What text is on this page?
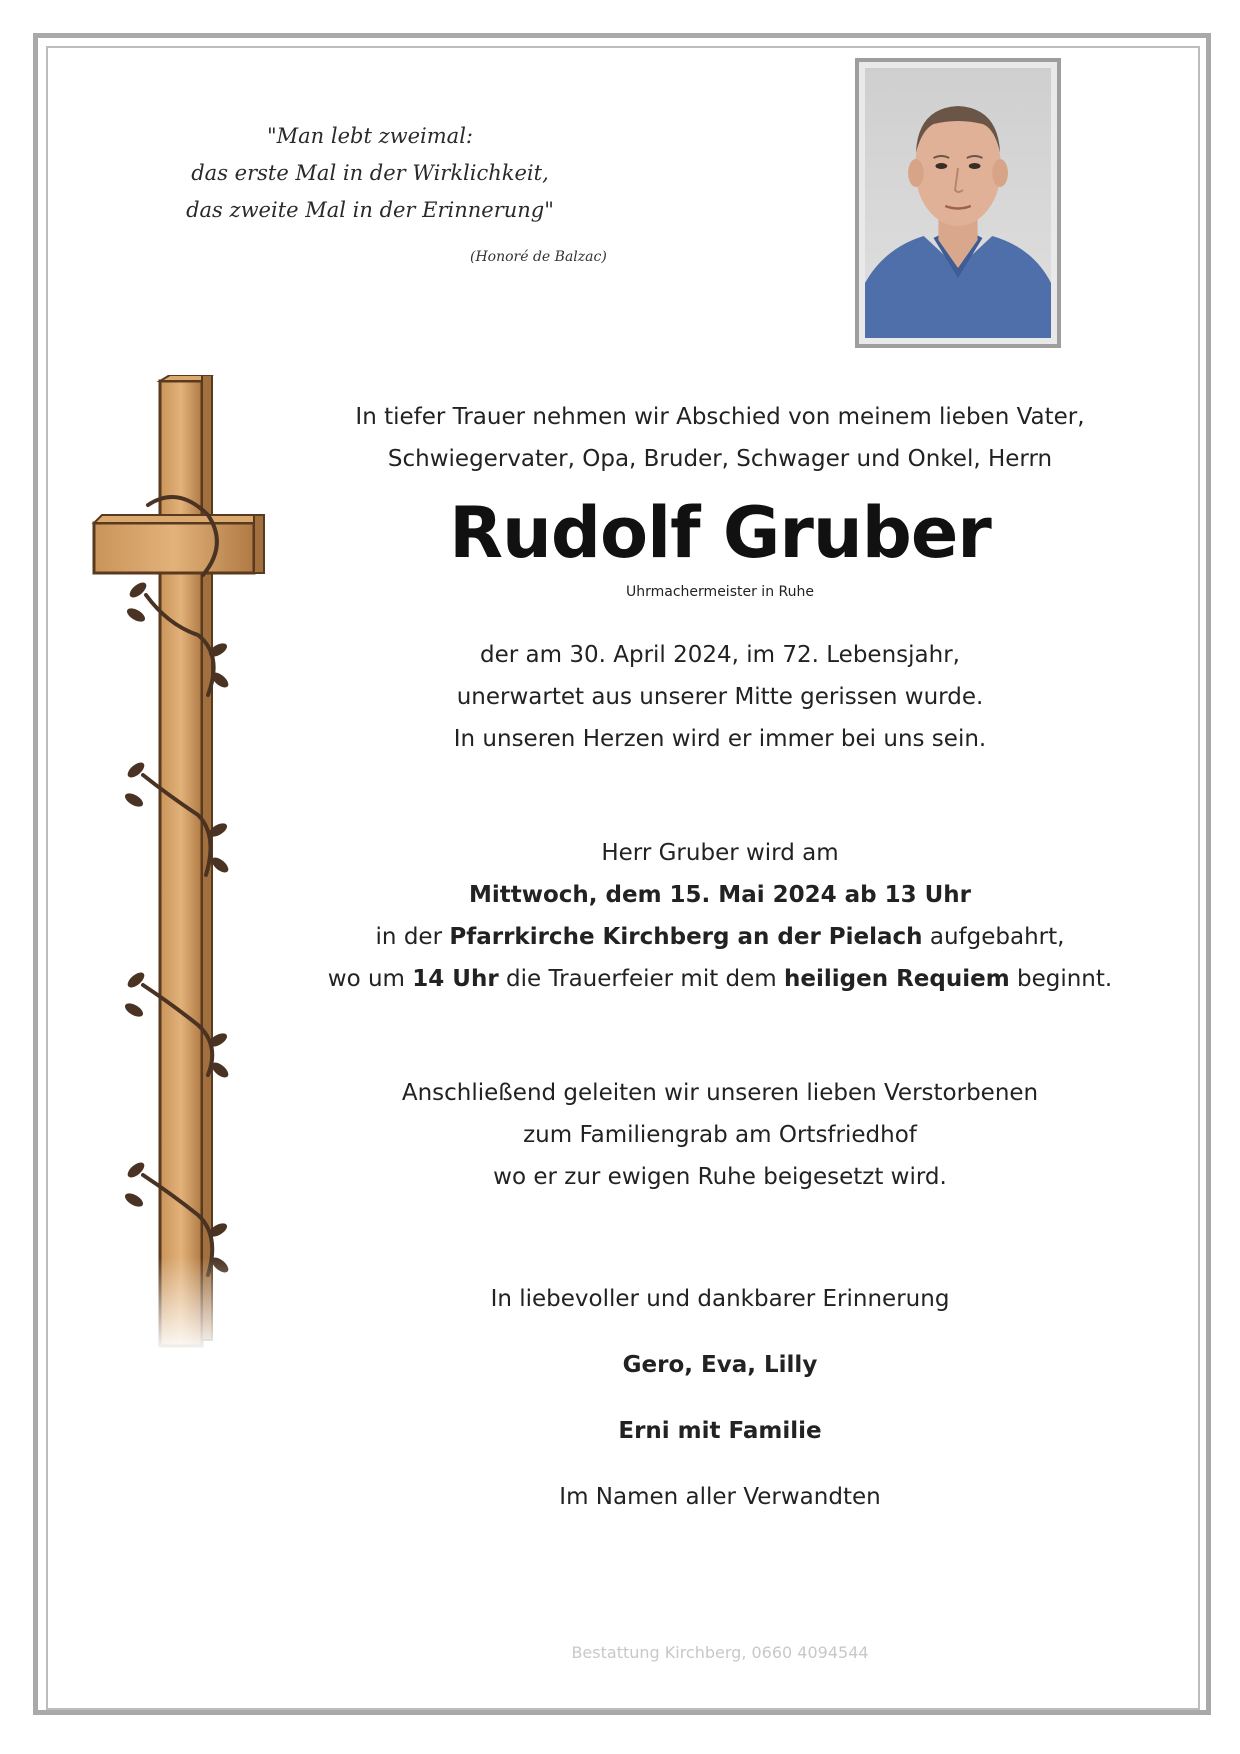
"Man lebt zweimal:
das erste Mal in der Wirklichkeit,
das zweite Mal in der Erinnerung"
(Honoré de Balzac)

In tiefer Trauer nehmen wir Abschied von meinem lieben Vater,

Schwiegervater, Opa, Bruder, Schwager und Onkel, Herrn

Rudolf Gruber

Uhrmachermeister in Ruhe

der am 30. April 2024, im 72. Lebensjahr,

unerwartet aus unserer Mitte gerissen wurde.

In unseren Herzen wird er immer bei uns sein.

Herr Gruber wird am

Mittwoch, dem 15. Mai 2024 ab 13 Uhr

in der Pfarrkirche Kirchberg an der Pielach aufgebahrt,

wo um 14 Uhr die Trauerfeier mit dem heiligen Requiem beginnt.

Anschließend geleiten wir unseren lieben Verstorbenen

zum Familiengrab am Ortsfriedhof

wo er zur ewigen Ruhe beigesetzt wird.

In liebevoller und dankbarer Erinnerung

Gero, Eva, Lilly

Erni mit Familie

Im Namen aller Verwandten

Bestattung Kirchberg, 0660 4094544
